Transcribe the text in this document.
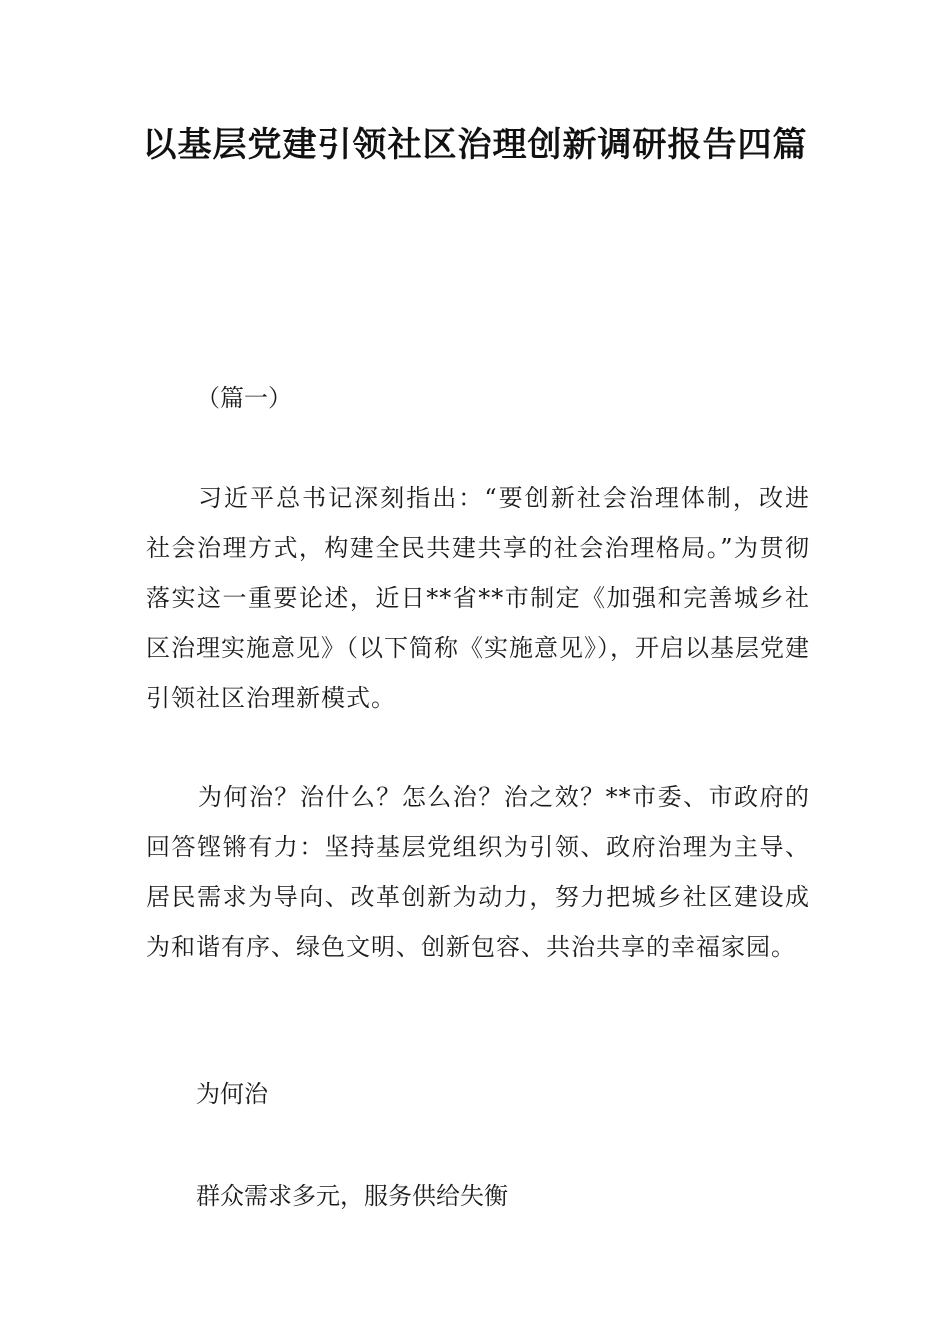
以基层党建引领社区治理创新调研报告四篇

（篇一）

习近平总书记深刻指出：“要创新社会治理体制，改进社会治理方式，构建全民共建共享的社会治理格局。”为贯彻落实这一重要论述，近日**省**市制定《加强和完善城乡社区治理实施意见》（以下简称《实施意见》），开启以基层党建引领社区治理新模式。

为何治？治什么？怎么治？治之效？**市委、市政府的回答铿锵有力：坚持基层党组织为引领、政府治理为主导、居民需求为导向、改革创新为动力，努力把城乡社区建设成为和谐有序、绿色文明、创新包容、共治共享的幸福家园。

为何治

群众需求多元，服务供给失衡
